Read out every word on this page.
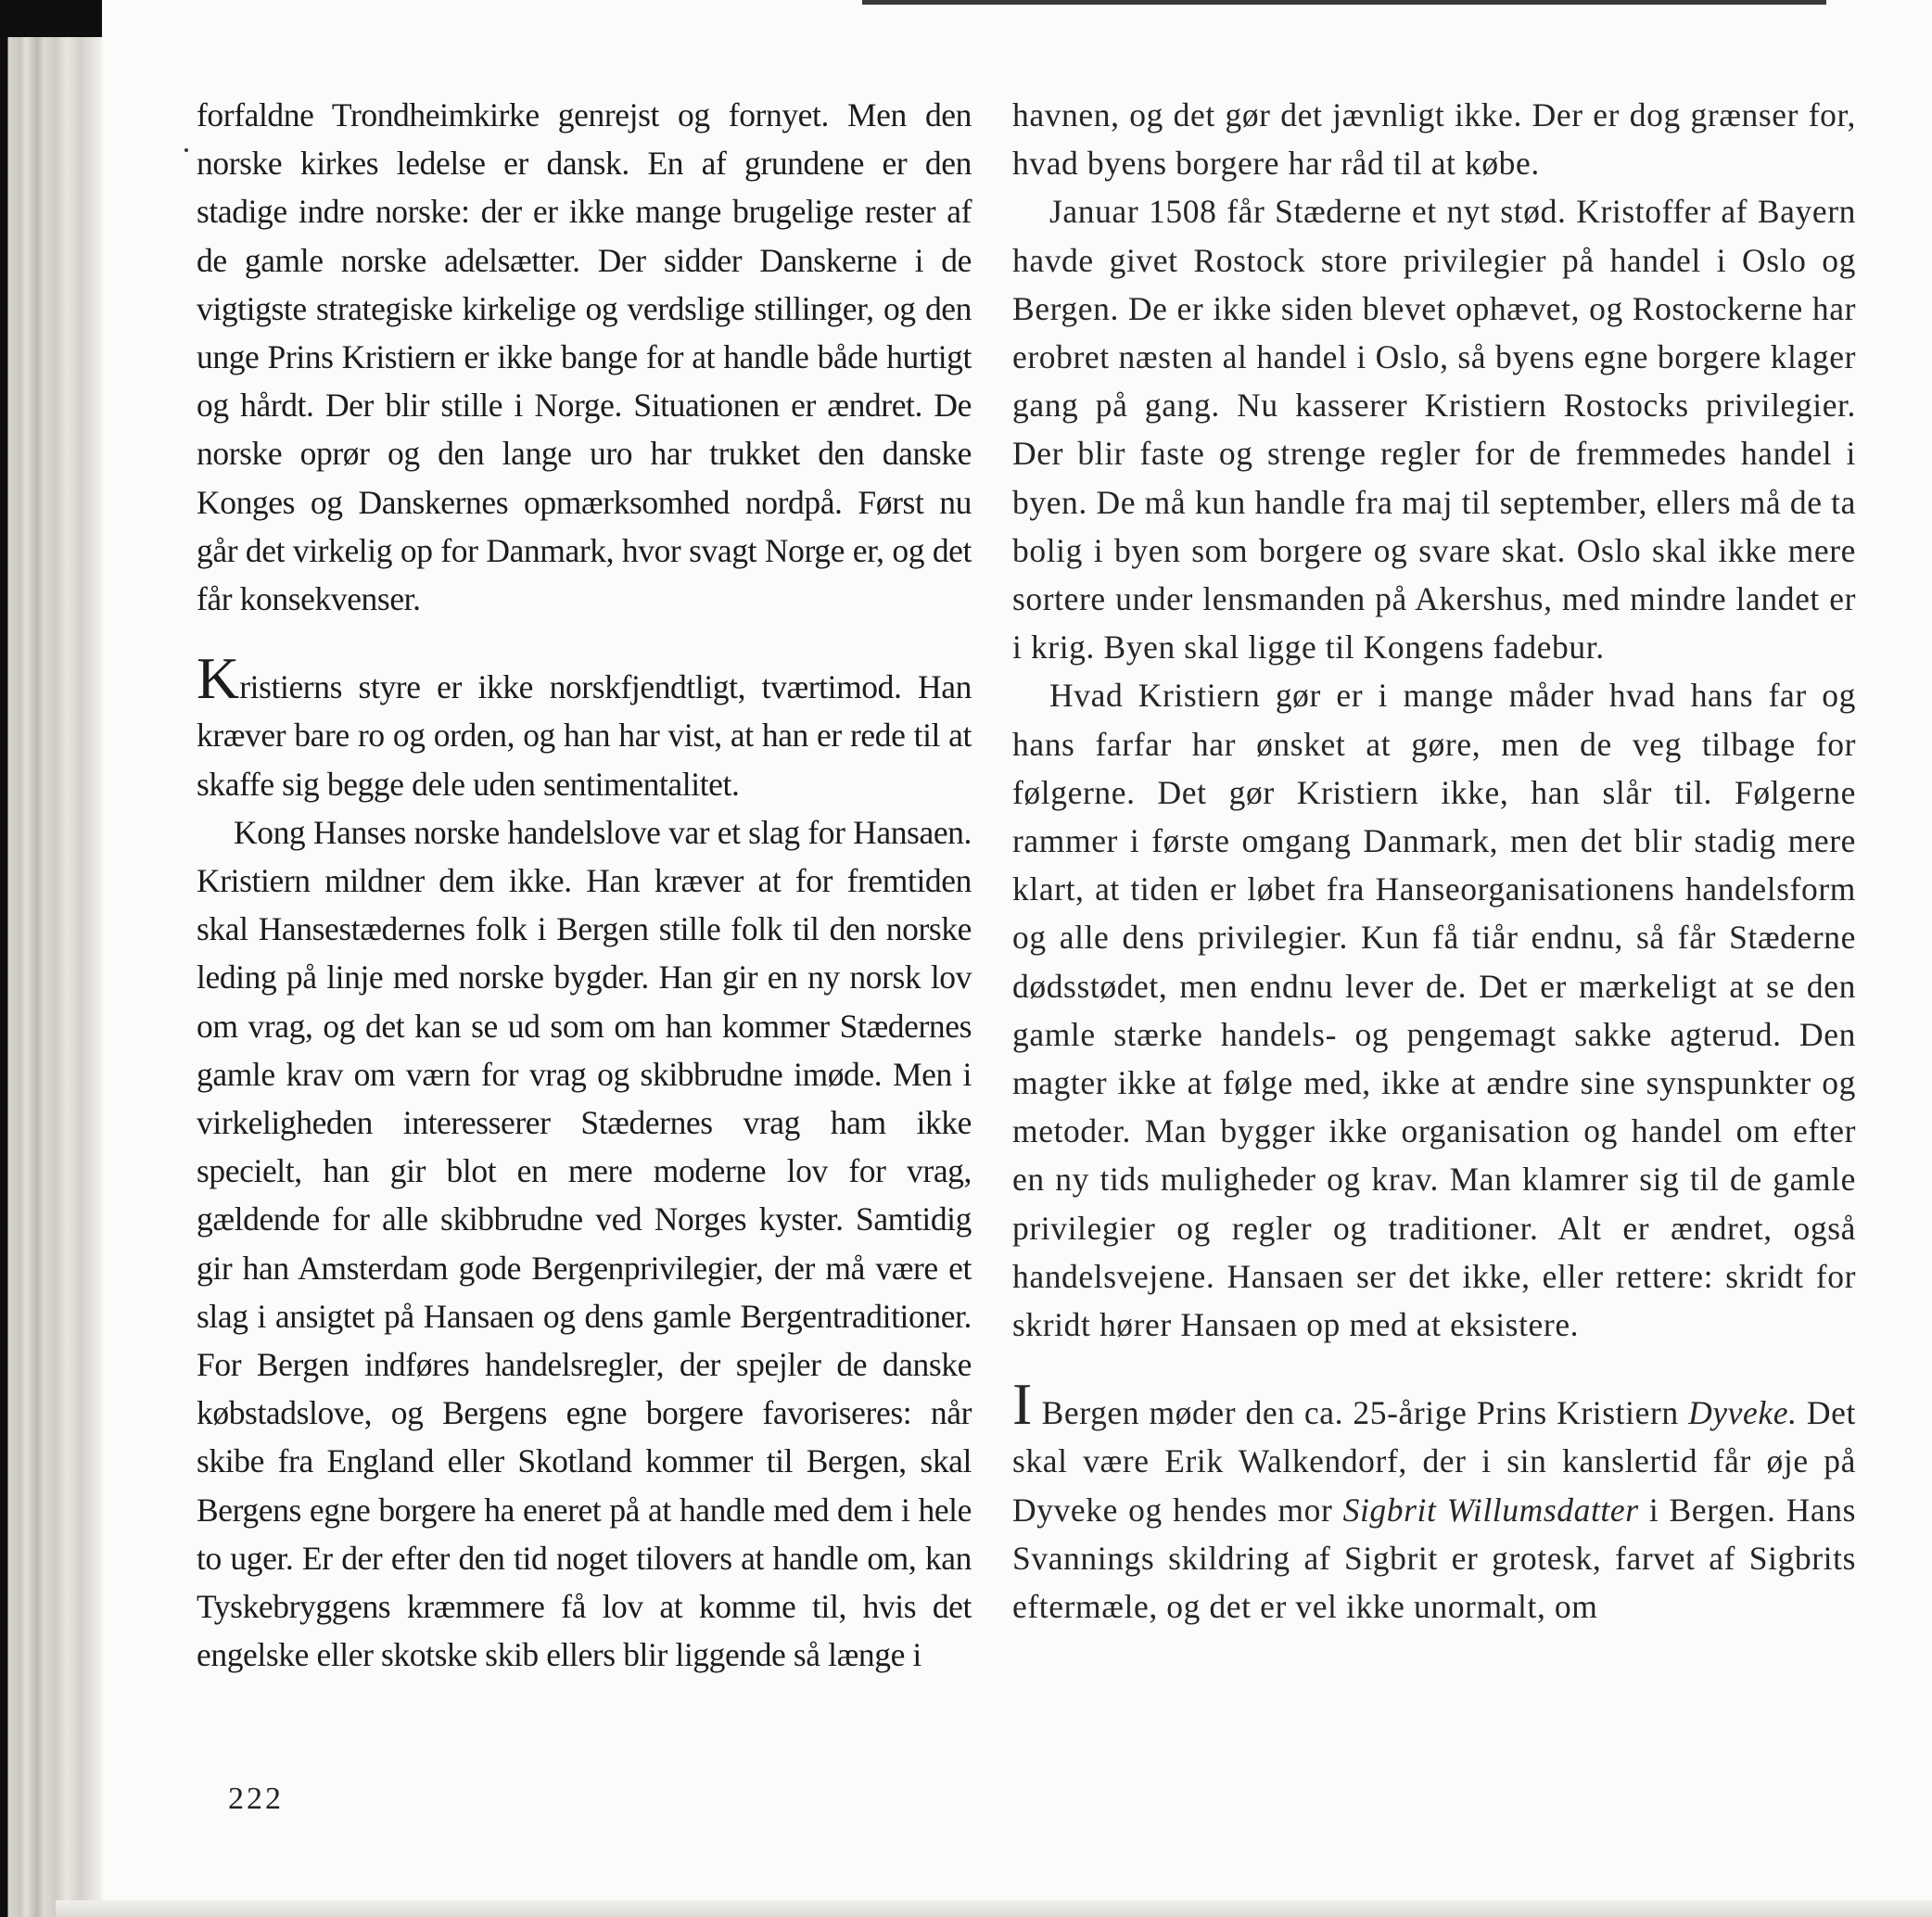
forfaldne Trondheimkirke genrejst og fornyet. Men den norske kirkes ledelse er dansk. En af grundene er den stadige indre norske: der er ikke mange brugelige rester af de gamle norske adelsætter. Der sidder Danskerne i de vigtigste strategiske kirkelige og verdslige stillinger, og den unge Prins Kristiern er ikke bange for at handle både hurtigt og hårdt. Der blir stille i Norge. Situationen er ændret. De norske oprør og den lange uro har trukket den danske Konges og Danskernes opmærksomhed nordpå. Først nu går det virkelig op for Danmark, hvor svagt Norge er, og det får konsekvenser.

Kristierns styre er ikke norskfjendtligt, tværtimod. Han kræver bare ro og orden, og han har vist, at han er rede til at skaffe sig begge dele uden sentimentalitet.

Kong Hanses norske handelslove var et slag for Hansaen. Kristiern mildner dem ikke. Han kræver at for fremtiden skal Hansestædernes folk i Bergen stille folk til den norske leding på linje med norske bygder. Han gir en ny norsk lov om vrag, og det kan se ud som om han kommer Stædernes gamle krav om værn for vrag og skibbrudne imøde. Men i virkeligheden interesserer Stædernes vrag ham ikke specielt, han gir blot en mere moderne lov for vrag, gældende for alle skibbrudne ved Norges kyster. Samtidig gir han Amsterdam gode Bergenprivilegier, der må være et slag i ansigtet på Hansaen og dens gamle Bergentraditioner. For Bergen indføres handelsregler, der spejler de danske købstadslove, og Bergens egne borgere favoriseres: når skibe fra England eller Skotland kommer til Bergen, skal Bergens egne borgere ha eneret på at handle med dem i hele to uger. Er der efter den tid noget tilovers at handle om, kan Tyskebryggens kræmmere få lov at komme til, hvis det engelske eller skotske skib ellers blir liggende så længe i

havnen, og det gør det jævnligt ikke. Der er dog grænser for, hvad byens borgere har råd til at købe.

Januar 1508 får Stæderne et nyt stød. Kristoffer af Bayern havde givet Rostock store privilegier på handel i Oslo og Bergen. De er ikke siden blevet ophævet, og Rostockerne har erobret næsten al handel i Oslo, så byens egne borgere klager gang på gang. Nu kasserer Kristiern Rostocks privilegier. Der blir faste og strenge regler for de fremmedes handel i byen. De må kun handle fra maj til september, ellers må de ta bolig i byen som borgere og svare skat. Oslo skal ikke mere sortere under lensmanden på Akershus, med mindre landet er i krig. Byen skal ligge til Kongens fadebur.

Hvad Kristiern gør er i mange måder hvad hans far og hans farfar har ønsket at gøre, men de veg tilbage for følgerne. Det gør Kristiern ikke, han slår til. Følgerne rammer i første omgang Danmark, men det blir stadig mere klart, at tiden er løbet fra Hanseorganisationens handelsform og alle dens privilegier. Kun få tiår endnu, så får Stæderne dødsstødet, men endnu lever de. Det er mærkeligt at se den gamle stærke handels- og pengemagt sakke agterud. Den magter ikke at følge med, ikke at ændre sine synspunkter og metoder. Man bygger ikke organisation og handel om efter en ny tids muligheder og krav. Man klamrer sig til de gamle privilegier og regler og traditioner. Alt er ændret, også handelsvejene. Hansaen ser det ikke, eller rettere: skridt for skridt hører Hansaen op med at eksistere.

I Bergen møder den ca. 25-årige Prins Kristiern Dyveke. Det skal være Erik Walkendorf, der i sin kanslertid får øje på Dyveke og hendes mor Sigbrit Willumsdatter i Bergen. Hans Svannings skildring af Sigbrit er grotesk, farvet af Sigbrits eftermæle, og det er vel ikke unormalt, om

222
